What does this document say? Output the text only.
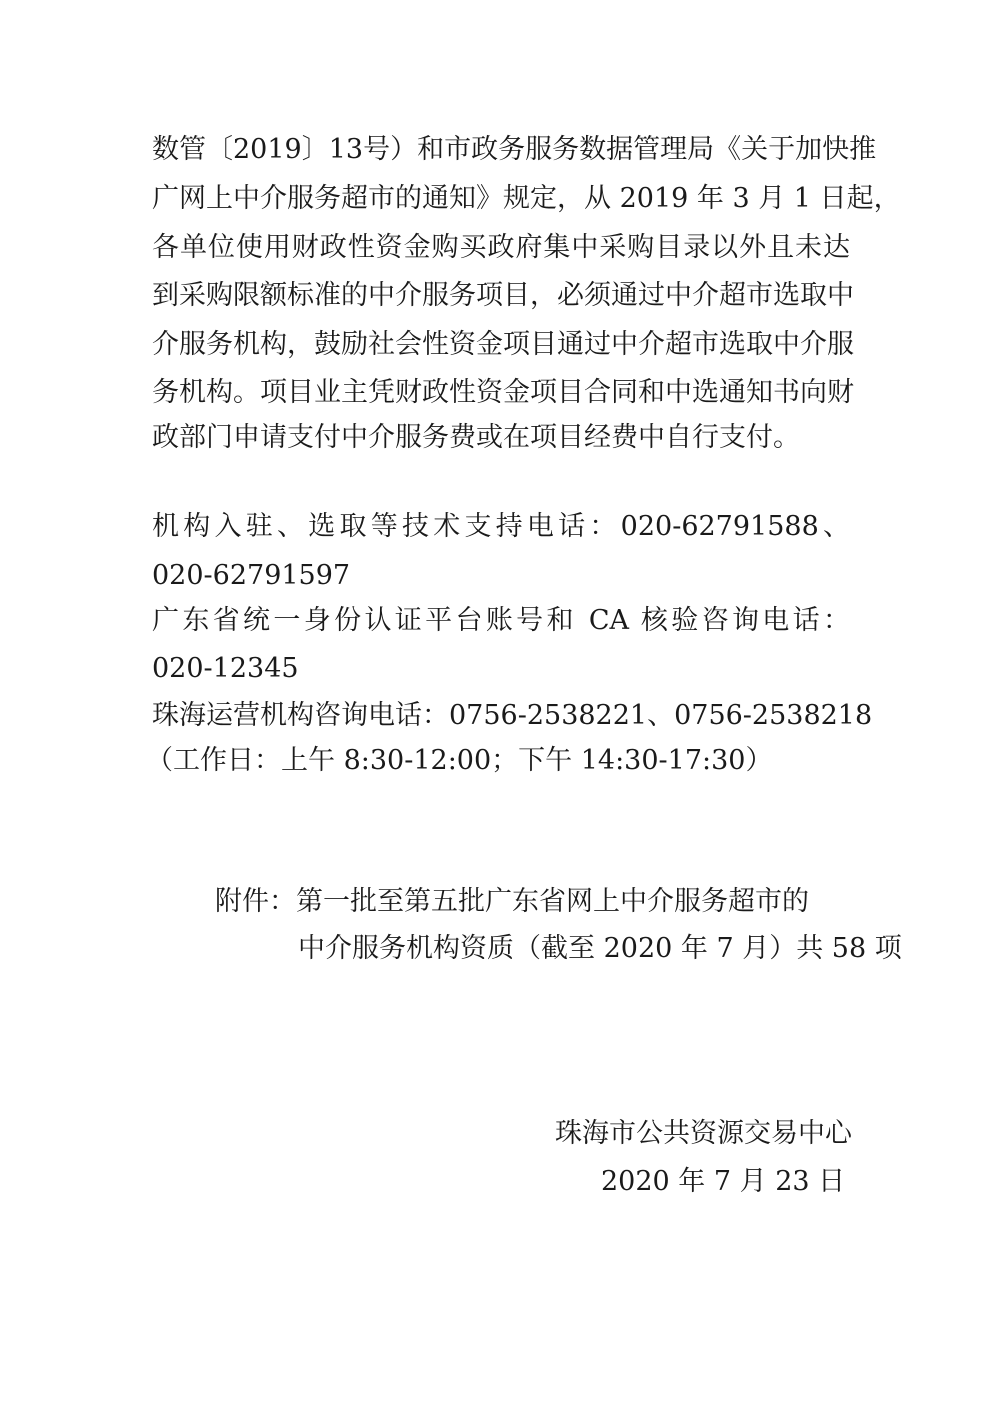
数管〔2019〕13号）和市政务服务数据管理局《关于加快推
广网上中介服务超市的通知》规定，从 2019 年 3 月 1 日起，
各单位使用财政性资金购买政府集中采购目录以外且未达
到采购限额标准的中介服务项目，必须通过中介超市选取中
介服务机构，鼓励社会性资金项目通过中介超市选取中介服
务机构。项目业主凭财政性资金项目合同和中选通知书向财
政部门申请支付中介服务费或在项目经费中自行支付。
机构入驻、选取等技术支持电话：020-62791588、
020-62791597
广东省统一身份认证平台账号和 CA 核验咨询电话：
020-12345
珠海运营机构咨询电话：0756-2538221、0756-2538218
（工作日：上午 8:30-12:00；下午 14:30-17:30）
附件：第一批至第五批广东省网上中介服务超市的
中介服务机构资质（截至 2020 年 7 月）共 58 项
珠海市公共资源交易中心
2020 年 7 月 23 日
